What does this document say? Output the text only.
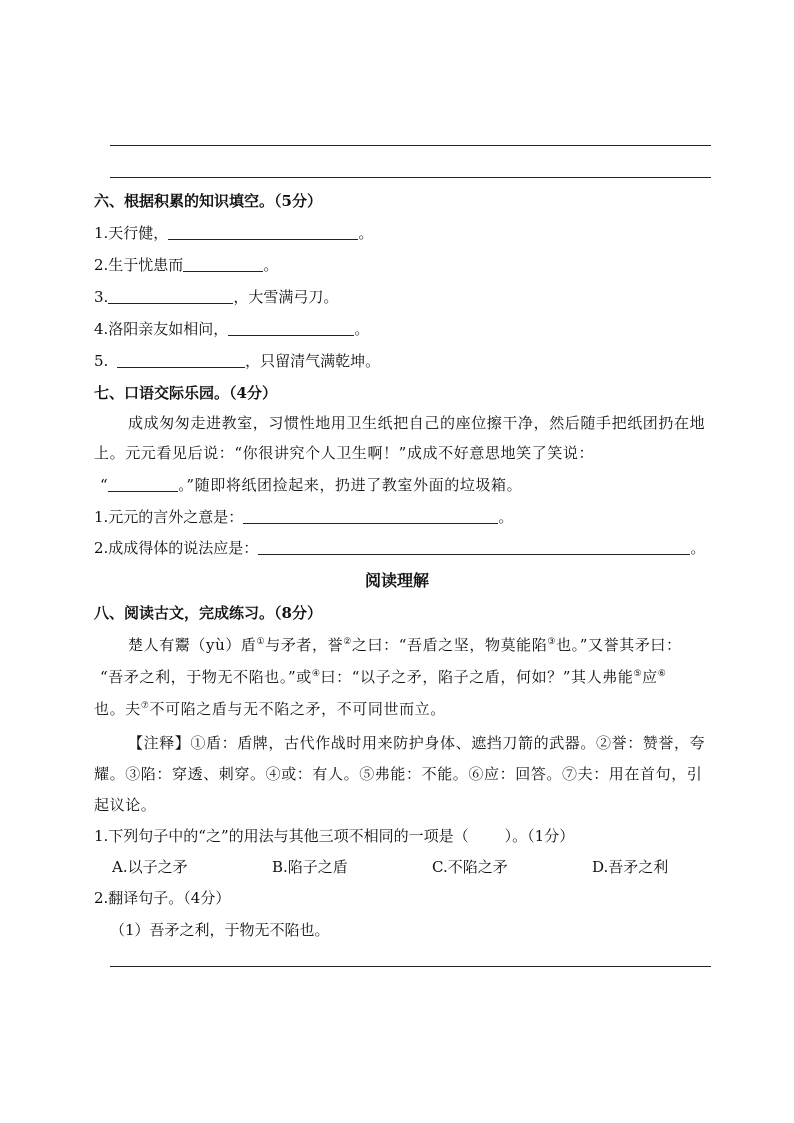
六、根据积累的知识填空。（5分）
1.天行健，	。
2.生于忧患而	。
3.	，大雪满弓刀。
4.洛阳亲友如相问，	。
5.	，只留清气满乾坤。
七、口语交际乐园。（4分）
成成匆匆走进教室，习惯性地用卫生纸把自己的座位擦干净，然后随手把纸团扔在地
上。元元看见后说：“你很讲究个人卫生啊！”成成不好意思地笑了笑说：
“	。”随即将纸团捡起来，扔进了教室外面的垃圾箱。
1.元元的言外之意是：	。
2.成成得体的说法应是：	。
阅读理解
八、阅读古文，完成练习。（8分）
楚人有鬻（yù）盾①与矛者，誉②之曰：“吾盾之坚，物莫能陷③也。”又誉其矛曰：
“吾矛之利，于物无不陷也。”或④曰：“以子之矛，陷子之盾，何如？”其人弗能⑤应⑥
也。夫⑦不可陷之盾与无不陷之矛，不可同世而立。
【注释】①盾：盾牌，古代作战时用来防护身体、遮挡刀箭的武器。②誉：赞誉，夸
耀。③陷：穿透、刺穿。④或：有人。⑤弗能：不能。⑥应：回答。⑦夫：用在首句，引
起议论。
1.下列句子中的“之”的用法与其他三项不相同的一项是（ ）。（1分）
A.以子之矛	B.陷子之盾	C.不陷之矛	D.吾矛之利
2.翻译句子。（4分）
（1）吾矛之利，于物无不陷也。
